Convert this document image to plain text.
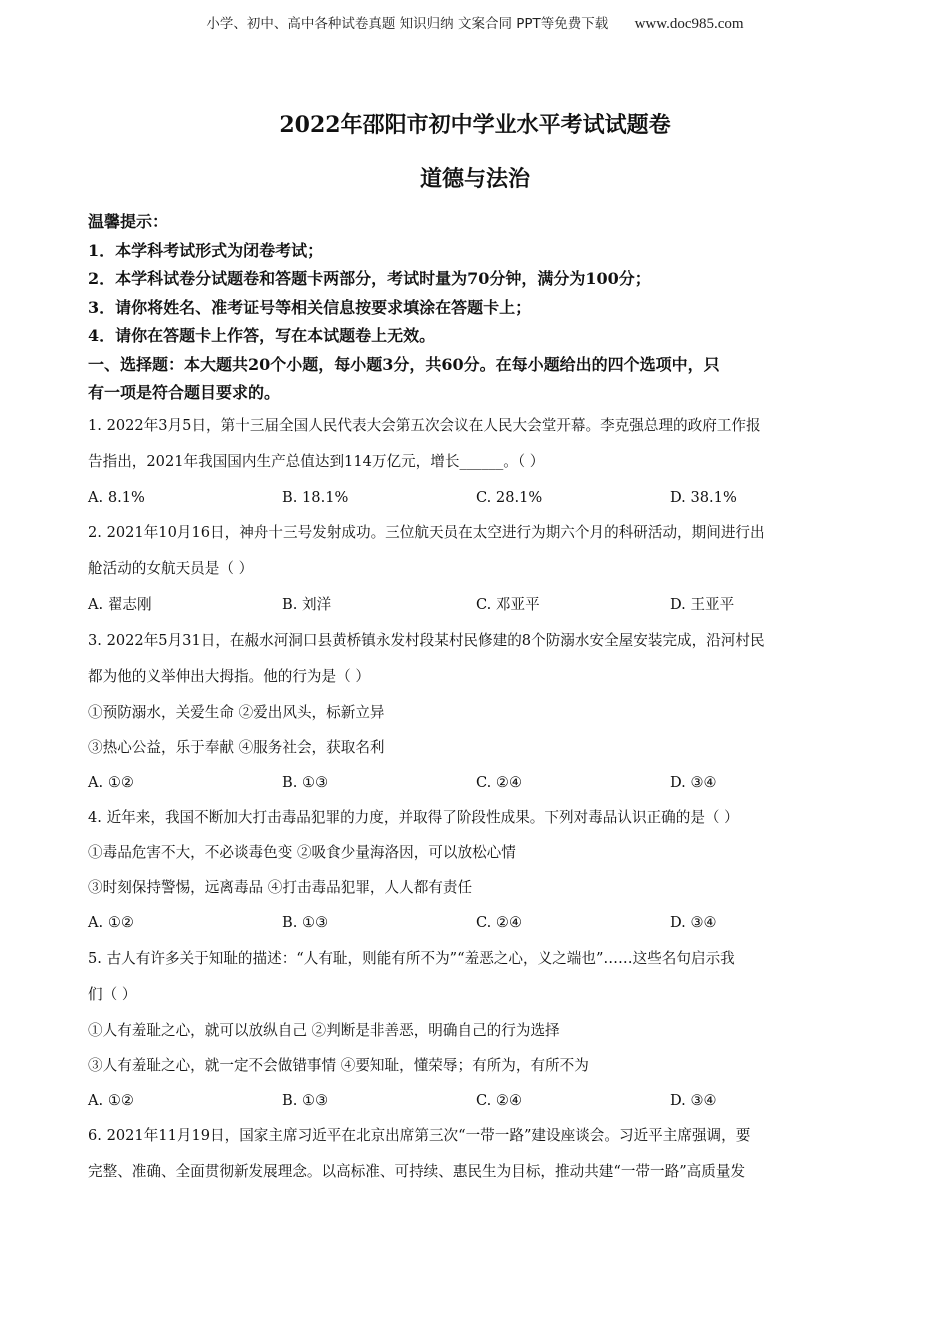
小学、初中、高中各种试卷真题 知识归纳 文案合同 PPT等免费下载 www.doc985.com
2022年邵阳市初中学业水平考试试题卷
道德与法治
温馨提示：
1．本学科考试形式为闭卷考试；
2．本学科试卷分试题卷和答题卡两部分，考试时量为70分钟，满分为100分；
3．请你将姓名、准考证号等相关信息按要求填涂在答题卡上；
4．请你在答题卡上作答，写在本试题卷上无效。
一、选择题：本大题共20个小题，每小题3分，共60分。在每小题给出的四个选项中，只
有一项是符合题目要求的。
1. 2022年3月5日，第十三届全国人民代表大会第五次会议在人民大会堂开幕。李克强总理的政府工作报
告指出，2021年我国国内生产总值达到114万亿元，增长______。（ ）
A. 8.1%	B. 18.1%	C. 28.1%	D. 38.1%
2. 2021年10月16日，神舟十三号发射成功。三位航天员在太空进行为期六个月的科研活动，期间进行出
舱活动的女航天员是（ ）
A. 翟志刚	B. 刘洋	C. 邓亚平	D. 王亚平
3. 2022年5月31日，在赧水河洞口县黄桥镇永发村段某村民修建的8个防溺水安全屋安装完成，沿河村民
都为他的义举伸出大拇指。他的行为是（ ）
①预防溺水，关爱生命 ②爱出风头，标新立异
③热心公益，乐于奉献 ④服务社会，获取名利
A. ①②	B. ①③	C. ②④	D. ③④
4. 近年来，我国不断加大打击毒品犯罪的力度，并取得了阶段性成果。下列对毒品认识正确的是（ ）
①毒品危害不大，不必谈毒色变 ②吸食少量海洛因，可以放松心情
③时刻保持警惕，远离毒品 ④打击毒品犯罪，人人都有责任
A. ①②	B. ①③	C. ②④	D. ③④
5. 古人有许多关于知耻的描述：“人有耻，则能有所不为”“羞恶之心，义之端也”……这些名句启示我
们（ ）
①人有羞耻之心，就可以放纵自己 ②判断是非善恶，明确自己的行为选择
③人有羞耻之心，就一定不会做错事情 ④要知耻，懂荣辱；有所为，有所不为
A. ①②	B. ①③	C. ②④	D. ③④
6. 2021年11月19日，国家主席习近平在北京出席第三次“一带一路”建设座谈会。习近平主席强调，要
完整、准确、全面贯彻新发展理念。以高标准、可持续、惠民生为目标，推动共建“一带一路”高质量发
